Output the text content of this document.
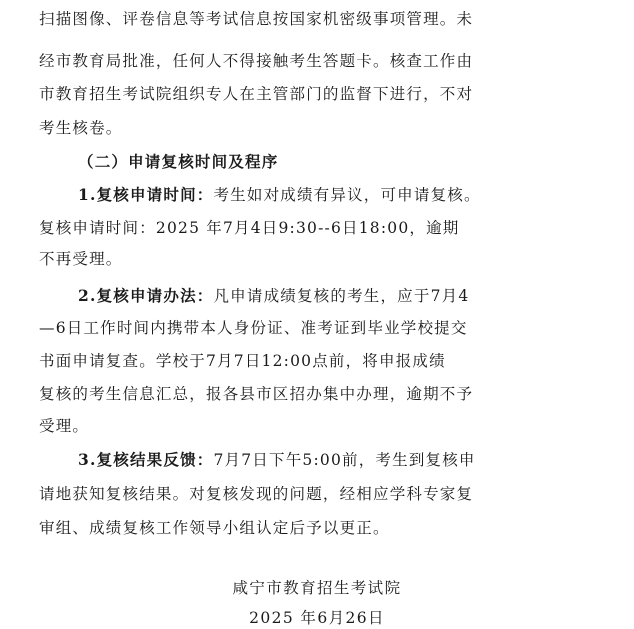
扫描图像、评卷信息等考试信息按国家机密级事项管理。未
经市教育局批准，任何人不得接触考生答题卡。核查工作由
市教育招生考试院组织专人在主管部门的监督下进行，不对
考生核卷。
（二）申请复核时间及程序
1.复核申请时间：考生如对成绩有异议，可申请复核。
复核申请时间：2025 年7月4日9:30--6日18:00，逾期
不再受理。
2.复核申请办法：凡申请成绩复核的考生，应于7月4
—6日工作时间内携带本人身份证、准考证到毕业学校提交
书面申请复查。学校于7月7日12:00点前，将申报成绩
复核的考生信息汇总，报各县市区招办集中办理，逾期不予
受理。
3.复核结果反馈：7月7日下午5:00前，考生到复核申
请地获知复核结果。对复核发现的问题，经相应学科专家复
审组、成绩复核工作领导小组认定后予以更正。
咸宁市教育招生考试院
2025 年6月26日
